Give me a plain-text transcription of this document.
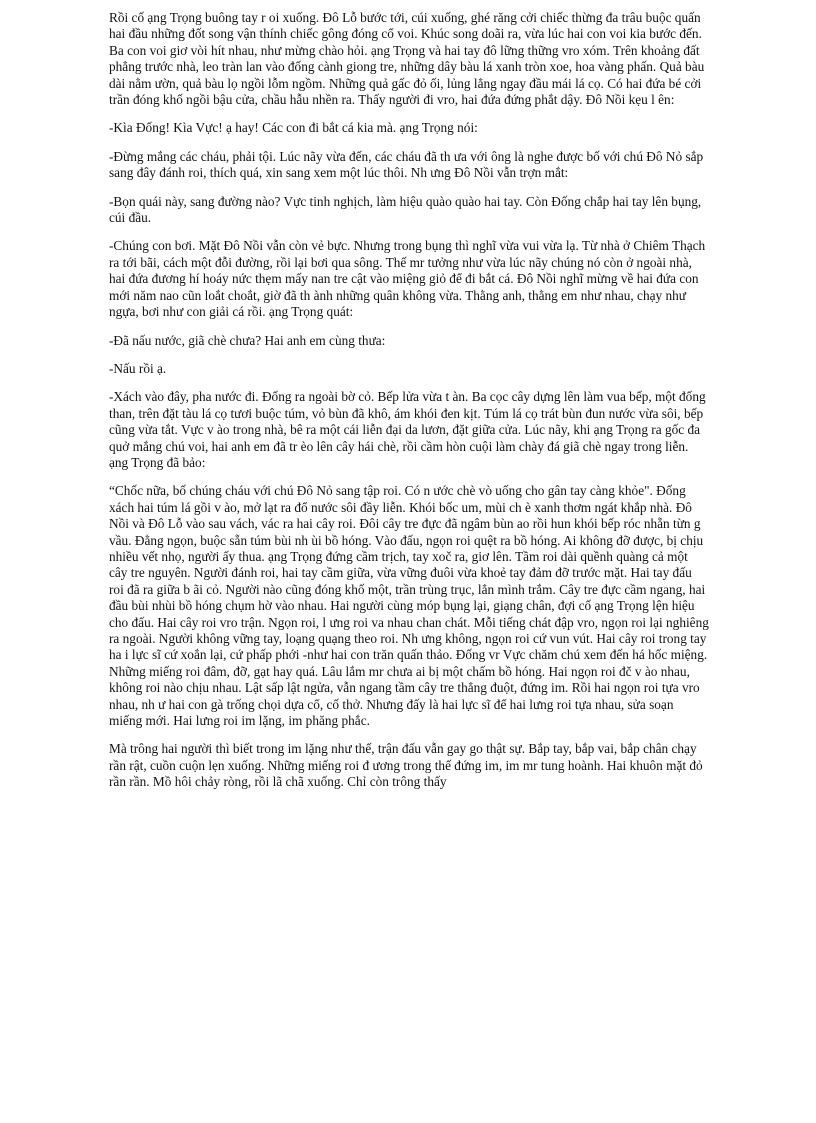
Rồi cố ạng Trọng buông tay r oi xuống. Đô Lỗ bước tới, cúi xuống, ghé răng cởi chiếc thừng đa trâu buộc quấn hai đầu những đốt song vận thính chiếc gông đóng cổ voi. Khúc song doãi ra, vừa lúc hai con voi kia bước đến. Ba con voi giơ vòi hít nhau, như mừng chào hỏi. ạng Trọng và hai tay đô lững thững vro xóm. Trên khoảng đất phẳng trước nhà, leo tràn lan vào đống cành giong tre, những dây bàu lá xanh tròn xoe, hoa vàng phấn. Quả bàu dài nằm ườn, quả bàu lọ ngồi lỗm ngồm. Những quả gấc đỏ ối, lủng lẳng ngay đầu mái lá cọ. Có hai đứa bé cởi trần đóng khố ngồi bậu cửa, chầu hẫu nhền ra. Thấy người đi vro, hai đứa đứng phắt dậy. Đô Nồi kẹu l ên:

-Kìa Đống! Kìa Vực! ạ hay! Các con đi bắt cá kia mà. ạng Trọng nói:

-Đừng mắng các cháu, phải tội. Lúc nãy vừa đến, các cháu đã th ưa với ông là nghe được bố với chú Đô Nỏ sắp sang đây đánh roi, thích quá, xin sang xem một lúc thôi. Nh ưng Đô Nồi vẫn trợn mắt:

-Bọn quái này, sang đường nào? Vực tinh nghịch, làm hiệu quào quào hai tay. Còn Đống chắp hai tay lên bụng, cúi đầu.

-Chúng con bơi. Mặt Đô Nồi vẫn còn vẻ bực. Nhưng trong bụng thì nghĩ vừa vui vừa lạ. Từ nhà ở Chiêm Thạch ra tới bãi, cách một đỗi đường, rồi lại bơi qua sông. Thế mr tưởng như vừa lúc nãy chúng nó còn ở ngoài nhà, hai đứa đương hí hoáy nức thẹm mấy nan tre cật vào miệng giỏ để đi bắt cá. Đô Nồi nghĩ mừng về hai đứa con mới năm nao cũn loắt choắt, giờ đã th ành những quân không vừa. Thằng anh, thằng em như nhau, chạy như ngựa, bơi như con giải cá rồi. ạng Trọng quát:

-Đã nấu nước, giã chè chưa? Hai anh em cùng thưa:

-Nấu rồi ạ.

-Xách vào đây, pha nước đi. Đống ra ngoài bờ cỏ. Bếp lửa vừa t àn. Ba cọc cây dựng lên làm vua bếp, một đống than, trên đặt tàu lá cọ tươi buộc túm, vỏ bùn đã khô, ám khói đen kịt. Túm lá cọ trát bùn đun nước vừa sôi, bếp cũng vừa tắt. Vực v ào trong nhà, bê ra một cái liễn đại da lươn, đặt giữa cửa. Lúc nãy, khi ạng Trọng ra gốc đa quở mắng chú voi, hai anh em đã tr èo lên cây hái chè, rồi cầm hòn cuội làm chày đá giã chè ngay trong liễn. ạng Trọng đã bảo:

“Chốc nữa, bố chúng cháu với chú Đô Nỏ sang tập roi. Có n ước chè vò uống cho gân tay càng khỏe". Đống xách hai túm lá gồi v ào, mở lạt ra đổ nước sôi đầy liễn. Khói bốc um, mùi ch è xanh thơm ngát khắp nhà. Đô Nồi và Đô Lỗ vào sau vách, vác ra hai cây roi. Đôi cây tre đực đã ngâm bùn ao rồi hun khói bếp róc nhẵn từn g vầu. Đằng ngọn, buộc sẵn túm bùi nh ùi bồ hóng. Vào đấu, ngọn roi quệt ra bồ hóng. Ai không đỡ được, bị chịu nhiều vết nhọ, người ấy thua. ạng Trọng đứng cầm trịch, tay xoč ra, giơ lên. Tầm roi dài quềnh quàng cả một cây tre nguyên. Người đánh roi, hai tay cầm giữa, vừa vững đuôi vừa khoẻ tay đảm đỡ trước mặt. Hai tay đấu roi đã ra giữa b ãi cỏ. Người nào cũng đóng khố một, trần trùng trục, lẳn mình trắm. Cây tre đực cầm ngang, hai đầu bùi nhùi bồ hóng chụm hờ vào nhau. Hai người cùng móp bụng lại, giạng chân, đợi cố ạng Trọng lện hiệu cho đấu. Hai cây roi vro trận. Ngọn roi, l ưng roi va nhau chan chát. Mỗi tiếng chát đập vro, ngọn roi lại nghiêng ra ngoài. Người không vững tay, loạng quạng theo roi. Nh ưng không, ngọn roi cứ vun vút. Hai cây roi trong tay ha i lực sĩ cứ xoắn lại, cứ phấp phới -như hai con trăn quấn thảo. Đống vr Vực chăm chú xem đến há hốc miệng. Những miếng roi đâm, đỡ, gạt hay quá. Lâu lắm mr chưa ai bị một chấm bồ hóng. Hai ngọn roi đč v ào nhau, không roi nào chịu nhau. Lật sấp lật ngửa, vẫn ngang tầm cây tre thẳng đuột, đứng im. Rồi hai ngọn roi tựa vro nhau, nh ư hai con gà trống chọi dựa cổ, cố thở. Nhưng đấy là hai lực sĩ để hai lưng roi tựa nhau, sửa soạn miếng mới. Hai lưng roi im lặng, im phăng phắc.

Mà trông hai người thì biết trong im lặng như thế, trận đấu vẫn gay go thật sự. Bắp tay, bắp vai, bắp chân chạy rần rật, cuồn cuộn lẹn xuống. Những miếng roi đ ương trong thế đứng im, im mr tung hoành. Hai khuôn mặt đỏ rần rần. Mồ hôi chảy ròng, rồi lã chã xuống. Chỉ còn trông thấy
